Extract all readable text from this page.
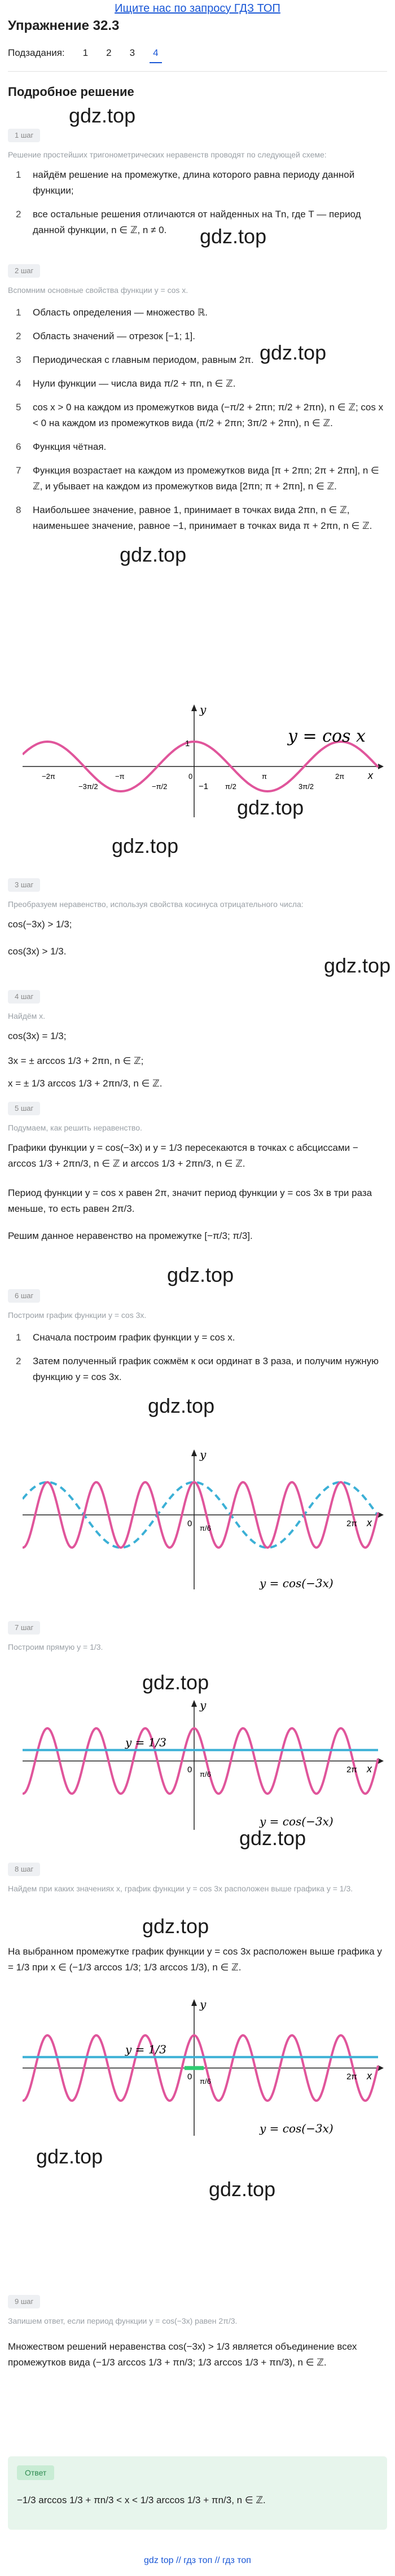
Ищите нас по запросу ГДЗ ТОП
Упражнение 32.3
Подзадания: 1 2 3 4
Подробное решение
gdz.top
1 шаг
Решение простейших тригонометрических неравенств проводят по следующей схеме:
1	найдём решение на промежутке, длина которого равна периоду данной функции;
2	все остальные решения отличаются от найденных на Tn, где T — период данной функции, n ∈ ℤ, n ≠ 0.	gdz.top
2 шаг
Вспомним основные свойства функции y = cos x.
1	Область определения — множество ℝ.
2	Область значений — отрезок [−1; 1].
3	Периодическая с главным периодом, равным 2π.
4	Нули функции — числа вида π/2 + πn, n ∈ ℤ.
5	cos x > 0 на каждом из промежутков вида (−π/2 + 2πn; π/2 + 2πn), n ∈ ℤ; cos x < 0 на каждом из промежутков вида (π/2 + 2πn; 3π/2 + 2πn), n ∈ ℤ.
6	Функция чётная.
7	Функция возрастает на каждом из промежутков вида [π + 2πn; 2π + 2πn], n ∈ ℤ, и убывает на каждом из промежутков вида [2πn; π + 2πn], n ∈ ℤ.
8	Наибольшее значение, равное 1, принимает в точках вида 2πn, n ∈ ℤ, наименьшее значение, равное −1, принимает в точках вида π + 2πn, n ∈ ℤ.
gdz.top
gdz.top
−2π
−3π/2
−π
−π/2
0
π/2
π
3π/2
2π x
y = cos x
y
1
−1
gdz.top
gdz.top
3 шаг
Преобразуем неравенство, используя свойства косинуса отрицательного числа:
cos(−3x) > 1/3;
cos(3x) > 1/3.
gdz.top
4 шаг
Найдём x.
cos(3x) = 1/3;
3x = ± arccos 1/3 + 2πn, n ∈ ℤ;
x = ± 1/3 arccos 1/3 + 2πn/3, n ∈ ℤ.
5 шаг
Подумаем, как решить неравенство.
Графики функции y = cos(−3x) и y = 1/3 пересекаются в точках с абсциссами − arccos 1/3 + 2πn/3, n ∈ ℤ и arccos 1/3 + 2πn/3, n ∈ ℤ.
Период функции y = cos x равен 2π, значит период функции y = cos 3x в три раза меньше, то есть равен 2π/3.
Решим данное неравенство на промежутке [−π/3; π/3].
gdz.top
6 шаг
Построим график функции y = cos 3x.
1	Сначала построим график функции y = cos x.
2	Затем полученный график сожмём к оси ординат в 3 раза, и получим нужную функцию y = cos 3x.
gdz.top
y
0 π/6	2π x
y = cos(−3x)
7 шаг
Построим прямую y = 1/3.
gdz.top
y = 1/3
y
0 π/6	2π x
y = cos(−3x)
gdz.top
8 шаг
Найдем при каких значениях x, график функции y = cos 3x расположен выше графика y = 1/3.
gdz.top
На выбранном промежутке график функции y = cos 3x расположен выше графика y = 1/3 при x ∈ (−1/3 arccos 1/3; 1/3 arccos 1/3), n ∈ ℤ.
y = 1/3
y
0 π/6	2π x
y = cos(−3x)
gdz.top
gdz.top
9 шаг
Запишем ответ, если период функции y = cos(−3x) равен 2π/3.
Множеством решений неравенства cos(−3x) > 1/3 является объединение всех промежутков вида (−1/3 arccos 1/3 + πn/3; 1/3 arccos 1/3 + πn/3), n ∈ ℤ.
Ответ
−1/3 arccos 1/3 + πn/3 < x < 1/3 arccos 1/3 + πn/3, n ∈ ℤ.
gdz top // гдз топ // гдз топ
